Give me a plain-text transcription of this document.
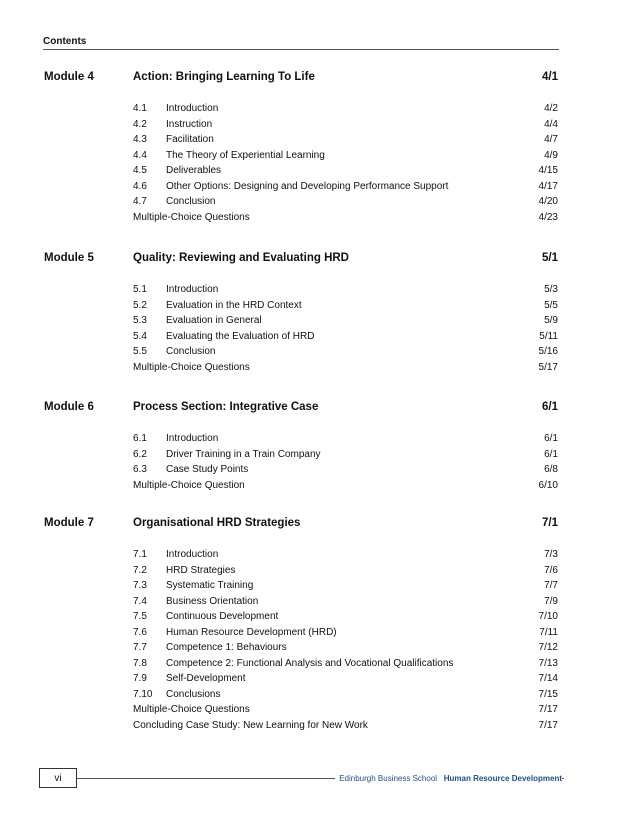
Contents
Module 4	Action: Bringing Learning To Life	4/1
4.1 Introduction	4/2
4.2 Instruction	4/4
4.3 Facilitation	4/7
4.4 The Theory of Experiential Learning	4/9
4.5 Deliverables	4/15
4.6 Other Options: Designing and Developing Performance Support	4/17
4.7 Conclusion	4/20
Multiple-Choice Questions	4/23
Module 5	Quality: Reviewing and Evaluating HRD	5/1
5.1 Introduction	5/3
5.2 Evaluation in the HRD Context	5/5
5.3 Evaluation in General	5/9
5.4 Evaluating the Evaluation of HRD	5/11
5.5 Conclusion	5/16
Multiple-Choice Questions	5/17
Module 6	Process Section: Integrative Case	6/1
6.1 Introduction	6/1
6.2 Driver Training in a Train Company	6/1
6.3 Case Study Points	6/8
Multiple-Choice Question	6/10
Module 7	Organisational HRD Strategies	7/1
7.1 Introduction	7/3
7.2 HRD Strategies	7/6
7.3 Systematic Training	7/7
7.4 Business Orientation	7/9
7.5 Continuous Development	7/10
7.6 Human Resource Development (HRD)	7/11
7.7 Competence 1: Behaviours	7/12
7.8 Competence 2: Functional Analysis and Vocational Qualifications	7/13
7.9 Self-Development	7/14
7.10 Conclusions	7/15
Multiple-Choice Questions	7/17
Concluding Case Study: New Learning for New Work	7/17
vi	Edinburgh Business School Human Resource Development
